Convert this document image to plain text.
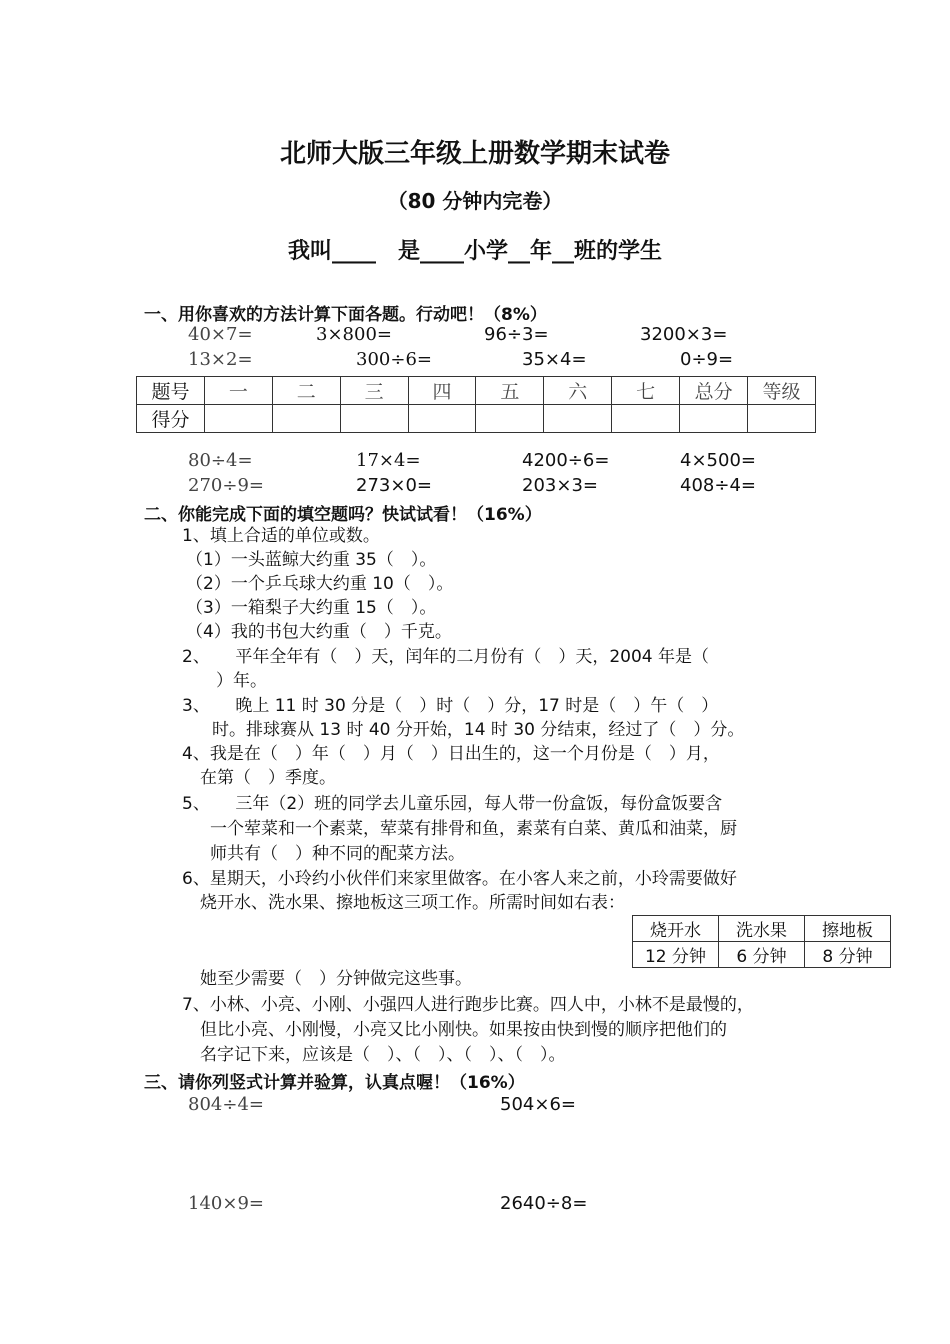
北师大版三年级上册数学期末试卷
（80 分钟内完卷）
我叫____　是____小学__年__班的学生
一、用你喜欢的方法计算下面各题。行动吧！（8%）
40×7=	3×800=	96÷3=	3200×3=
13×2=	300÷6=	35×4=	0÷9=
题号	一	二	三	四	五	六	七	总分	等级
得分									
80÷4=	17×4=	4200÷6=	4×500=
270÷9=	273×0=	203×3=	408÷4=
二、你能完成下面的填空题吗？快试试看！（16%）
1、填上合适的单位或数。
（1）一头蓝鲸大约重 35（　）。
（2）一个乒乓球大约重 10（　）。
（3）一箱梨子大约重 15（　）。
（4）我的书包大约重（　）千克。
2、　　平年全年有（　）天，闰年的二月份有（　）天，2004 年是（
）年。
3、　　晚上 11 时 30 分是（　）时（　）分，17 时是（　）午（　）
时。排球赛从 13 时 40 分开始，14 时 30 分结束，经过了（　）分。
4、我是在（　）年（　）月（　）日出生的，这一个月份是（　）月，
在第（　）季度。
5、　　三年（2）班的同学去儿童乐园，每人带一份盒饭，每份盒饭要含
一个荤菜和一个素菜，荤菜有排骨和鱼，素菜有白菜、黄瓜和油菜，厨
师共有（　）种不同的配菜方法。
6、星期天，小玲约小伙伴们来家里做客。在小客人来之前，小玲需要做好
烧开水、洗水果、擦地板这三项工作。所需时间如右表：
烧开水	洗水果	擦地板
12 分钟	6 分钟	8 分钟
她至少需要（　）分钟做完这些事。
7、小林、小亮、小刚、小强四人进行跑步比赛。四人中，小林不是最慢的，
但比小亮、小刚慢，小亮又比小刚快。如果按由快到慢的顺序把他们的
名字记下来，应该是（　）、（　）、（　）、（　）。
三、请你列竖式计算并验算，认真点喔！（16%）
804÷4=	504×6=
140×9=	2640÷8=
